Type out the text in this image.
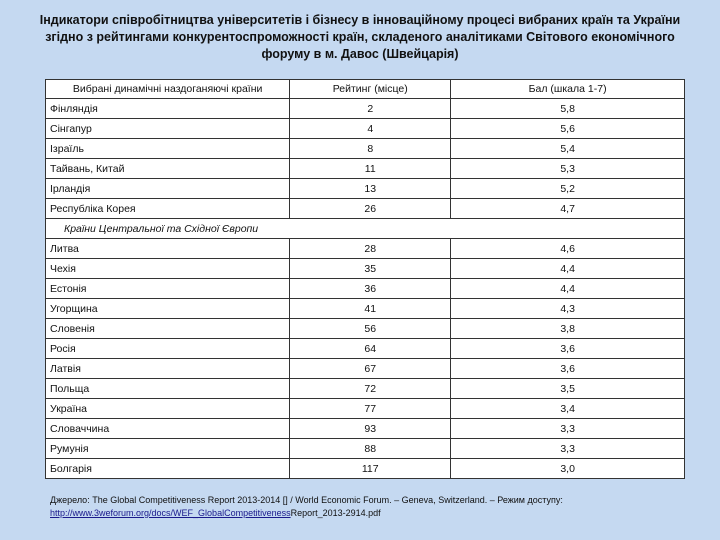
Індикатори співробітництва університетів і бізнесу в інноваційному процесі вибраних країн та України згідно з рейтингами конкурентоспроможності країн, складеного аналітиками Світового економічного форуму в м. Давос (Швейцарія)
Вибрані динамічні наздоганяючі країни	Рейтинг (місце)	Бал (шкала 1-7)
Фінляндія	2	5,8
Сінгапур	4	5,6
Ізраїль	8	5,4
Тайвань, Китай	11	5,3
Ірландія	13	5,2
Республіка Корея	26	4,7
Країни Центральної та Східної Європи		
Литва	28	4,6
Чехія	35	4,4
Естонія	36	4,4
Угорщина	41	4,3
Словенія	56	3,8
Росія	64	3,6
Латвія	67	3,6
Польща	72	3,5
Україна	77	3,4
Словаччина	93	3,3
Румунія	88	3,3
Болгарія	117	3,0
Джерело: The Global Competitiveness Report 2013-2014 [] / World Economic Forum. – Geneva, Switzerland. – Режим доступу:
http://www.3weforum.org/docs/WEF_GlobalCompetitivenessReport_2013-2914.pdf
